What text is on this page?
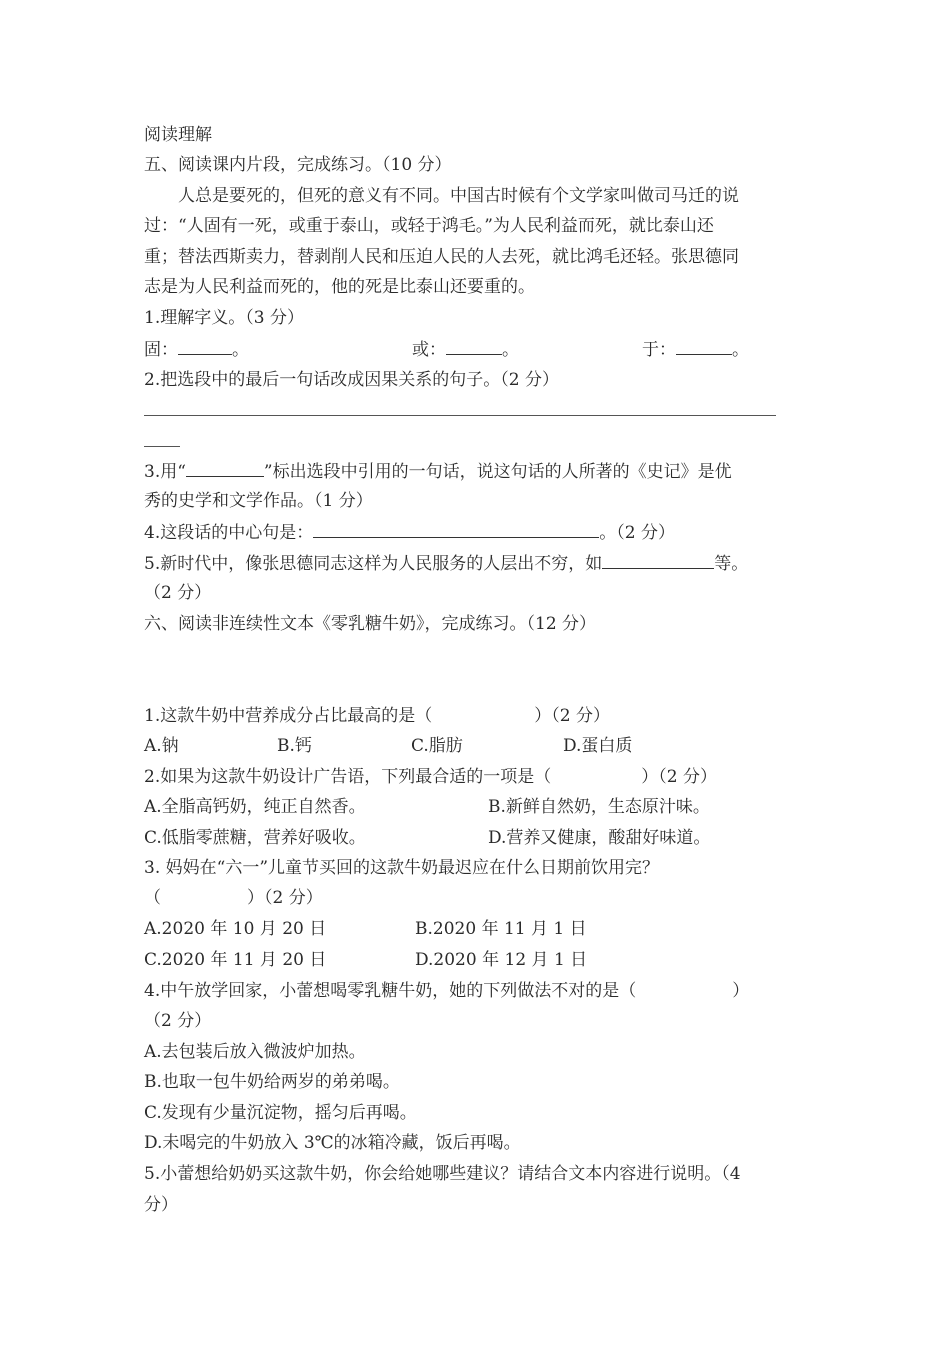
阅读理解
五、阅读课内片段，完成练习。（10 分）
人总是要死的，但死的意义有不同。中国古时候有个文学家叫做司马迁的说
过：“人固有一死，或重于泰山，或轻于鸿毛。”为人民利益而死，就比泰山还
重；替法西斯卖力，替剥削人民和压迫人民的人去死，就比鸿毛还轻。张思德同
志是为人民利益而死的，他的死是比泰山还要重的。
1.理解字义。（3 分）
固：	。	或：	。	于：	。
2.把选段中的最后一句话改成因果关系的句子。（2 分）
3.用“	”标出选段中引用的一句话，说这句话的人所著的《史记》是优
秀的史学和文学作品。（1 分）
4.这段话的中心句是：	。（2 分）
5.新时代中，像张思德同志这样为人民服务的人层出不穷，如	等。
（2 分）
六、阅读非连续性文本《零乳糖牛奶》，完成练习。（12 分）
1.这款牛奶中营养成分占比最高的是（	）（2 分）
A.钠	B.钙	C.脂肪	D.蛋白质
2.如果为这款牛奶设计广告语，下列最合适的一项是（	）（2 分）
A.全脂高钙奶，纯正自然香。	B.新鲜自然奶，生态原汁味。
C.低脂零蔗糖，营养好吸收。	D.营养又健康，酸甜好味道。
3. 妈妈在“六一”儿童节买回的这款牛奶最迟应在什么日期前饮用完？
（	）（2 分）
A.2020 年 10 月 20 日	B.2020 年 11 月 1 日
C.2020 年 11 月 20 日	D.2020 年 12 月 1 日
4.中午放学回家，小蕾想喝零乳糖牛奶，她的下列做法不对的是（	）
（2 分）
A.去包装后放入微波炉加热。
B.也取一包牛奶给两岁的弟弟喝。
C.发现有少量沉淀物，摇匀后再喝。
D.未喝完的牛奶放入 3℃的冰箱冷藏，饭后再喝。
5.小蕾想给奶奶买这款牛奶，你会给她哪些建议？请结合文本内容进行说明。（4
分）
